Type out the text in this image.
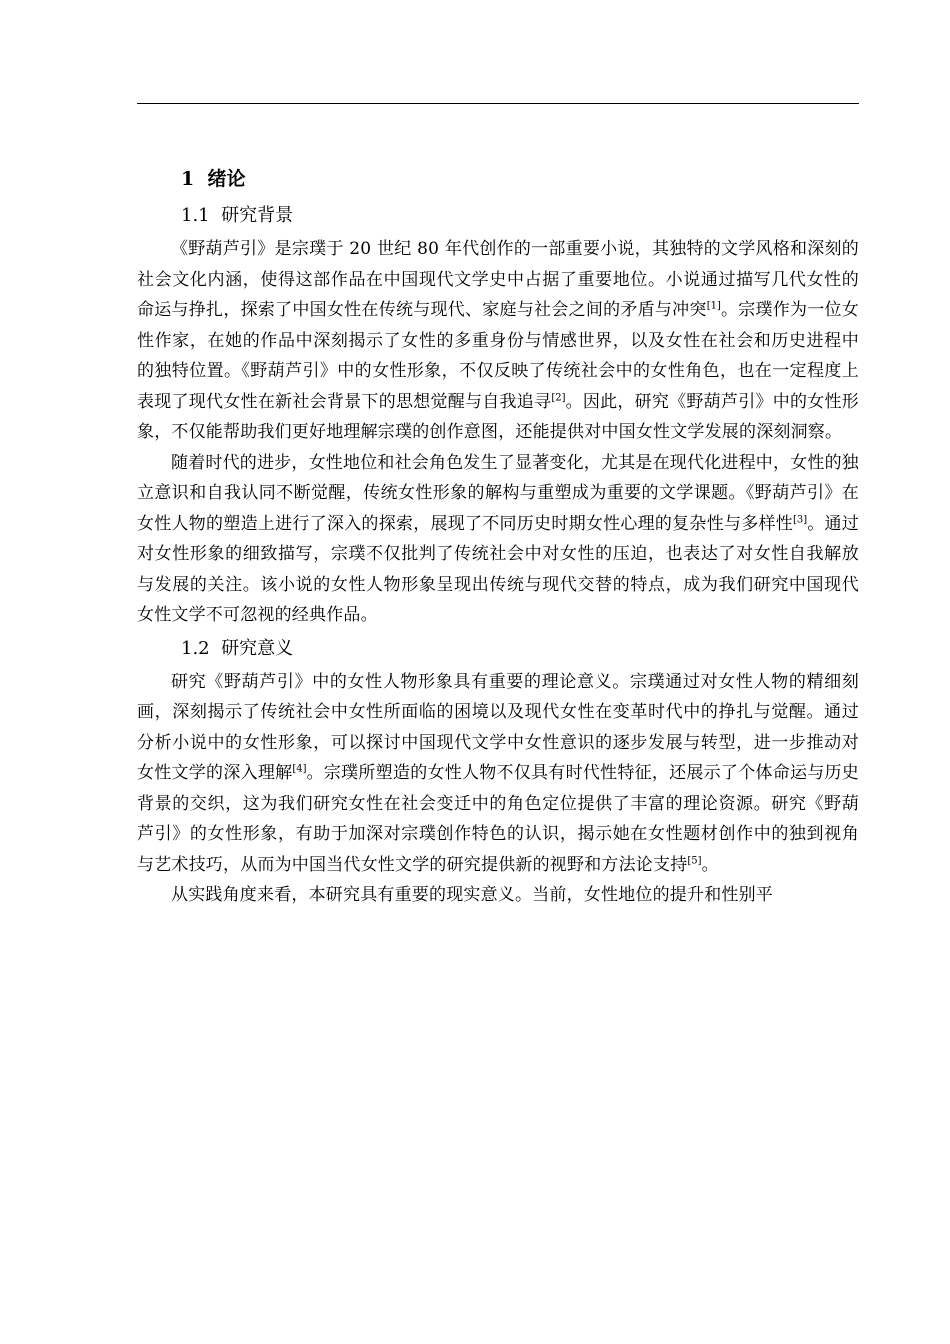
1 绪论
1.1 研究背景

《野葫芦引》是宗璞于 20 世纪 80 年代创作的一部重要小说，其独特的文学风格和深刻的社会文化内涵，使得这部作品在中国现代文学史中占据了重要地位。小说通过描写几代女性的命运与挣扎，探索了中国女性在传统与现代、家庭与社会之间的矛盾与冲突[1]。宗璞作为一位女性作家，在她的作品中深刻揭示了女性的多重身份与情感世界，以及女性在社会和历史进程中的独特位置。《野葫芦引》中的女性形象，不仅反映了传统社会中的女性角色，也在一定程度上表现了现代女性在新社会背景下的思想觉醒与自我追寻[2]。因此，研究《野葫芦引》中的女性形象，不仅能帮助我们更好地理解宗璞的创作意图，还能提供对中国女性文学发展的深刻洞察。

随着时代的进步，女性地位和社会角色发生了显著变化，尤其是在现代化进程中，女性的独立意识和自我认同不断觉醒，传统女性形象的解构与重塑成为重要的文学课题。《野葫芦引》在女性人物的塑造上进行了深入的探索，展现了不同历史时期女性心理的复杂性与多样性[3]。通过对女性形象的细致描写，宗璞不仅批判了传统社会中对女性的压迫，也表达了对女性自我解放与发展的关注。该小说的女性人物形象呈现出传统与现代交替的特点，成为我们研究中国现代女性文学不可忽视的经典作品。

1.2 研究意义

研究《野葫芦引》中的女性人物形象具有重要的理论意义。宗璞通过对女性人物的精细刻画，深刻揭示了传统社会中女性所面临的困境以及现代女性在变革时代中的挣扎与觉醒。通过分析小说中的女性形象，可以探讨中国现代文学中女性意识的逐步发展与转型，进一步推动对女性文学的深入理解[4]。宗璞所塑造的女性人物不仅具有时代性特征，还展示了个体命运与历史背景的交织，这为我们研究女性在社会变迁中的角色定位提供了丰富的理论资源。研究《野葫芦引》的女性形象，有助于加深对宗璞创作特色的认识，揭示她在女性题材创作中的独到视角与艺术技巧，从而为中国当代女性文学的研究提供新的视野和方法论支持[5]。

从实践角度来看，本研究具有重要的现实意义。当前，女性地位的提升和性别平
